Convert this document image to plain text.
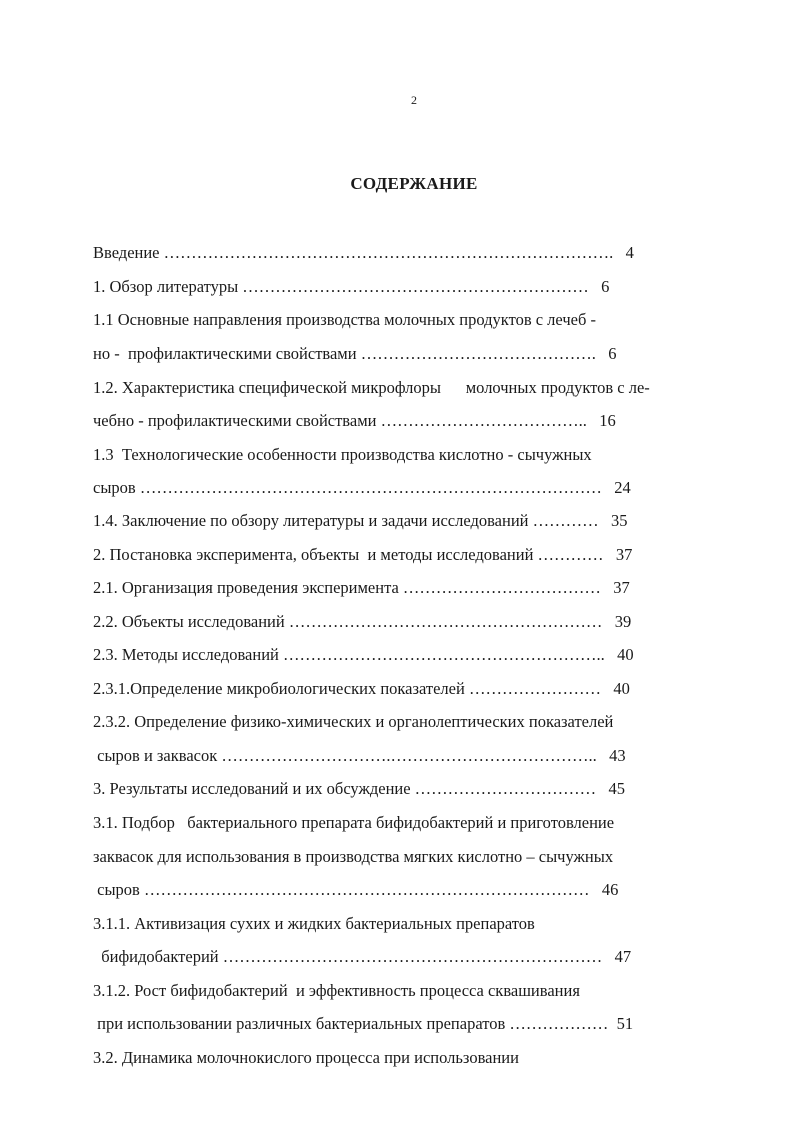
2
СОДЕРЖАНИЕ
Введение ……………………………………………………………………….   4
1. Обзор литературы ………………………………………………………   6
1.1 Основные направления производства молочных продуктов с лечеб -
но -  профилактическими свойствами …………………………………….   6
1.2. Характеристика специфической микрофлоры      молочных продуктов с ле-
чебно - профилактическими свойствами ………………………………..   16
1.3  Технологические особенности производства кислотно - сычужных
сыров …………………………………………………………………………   24
1.4. Заключение по обзору литературы и задачи исследований …………   35
2. Постановка эксперимента, объекты  и методы исследований …………   37
2.1. Организация проведения эксперимента ………………………………   37
2.2. Объекты исследований …………………………………………………   39
2.3. Методы исследований …………………………………………………..   40
2.3.1.Определение микробиологических показателей ……………………   40
2.3.2. Определение физико-химических и органолептических показателей
сыров и заквасок ………………………….………………………………..   43
3. Результаты исследований и их обсуждение ……………………………   45
3.1. Подбор   бактериального препарата бифидобактерий и приготовление
заквасок для использования в производства мягких кислотно – сычужных
сыров ………………………………………………………………………   46
3.1.1. Активизация сухих и жидких бактериальных препаратов
бифидобактерий ……………………………………………………………   47
3.1.2. Рост бифидобактерий  и эффективность процесса сквашивания
при использовании различных бактериальных препаратов ………………  51
3.2. Динамика молочнокислого процесса при использовании
